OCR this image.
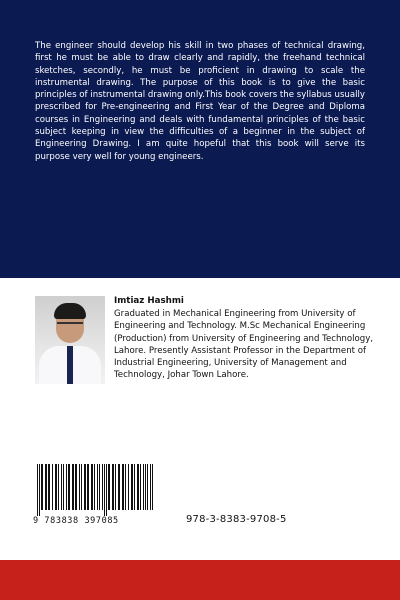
The engineer should develop his skill in two phases of technical drawing, first he must be able to draw clearly and rapidly, the freehand technical sketches, secondly, he must be proficient in drawing to scale the instrumental drawing. The purpose of this book is to give the basic principles of instrumental drawing only.This book covers the syllabus usually prescribed for Pre-engineering and First Year of the Degree and Diploma courses in Engineering and deals with fundamental principles of the basic subject keeping in view the difficulties of a beginner in the subject of Engineering Drawing. I am quite hopeful that this book will serve its purpose very well for young engineers.

Imtiaz Hashmi

Graduated in Mechanical Engineering from University of Engineering and Technology. M.Sc Mechanical Engineering (Production) from University of Engineering and Technology, Lahore. Presently Assistant Professor in the Department of Industrial Engineering, University of Management and Technology, Johar Town Lahore.

9 783838 397085	978-3-8383-9708-5
